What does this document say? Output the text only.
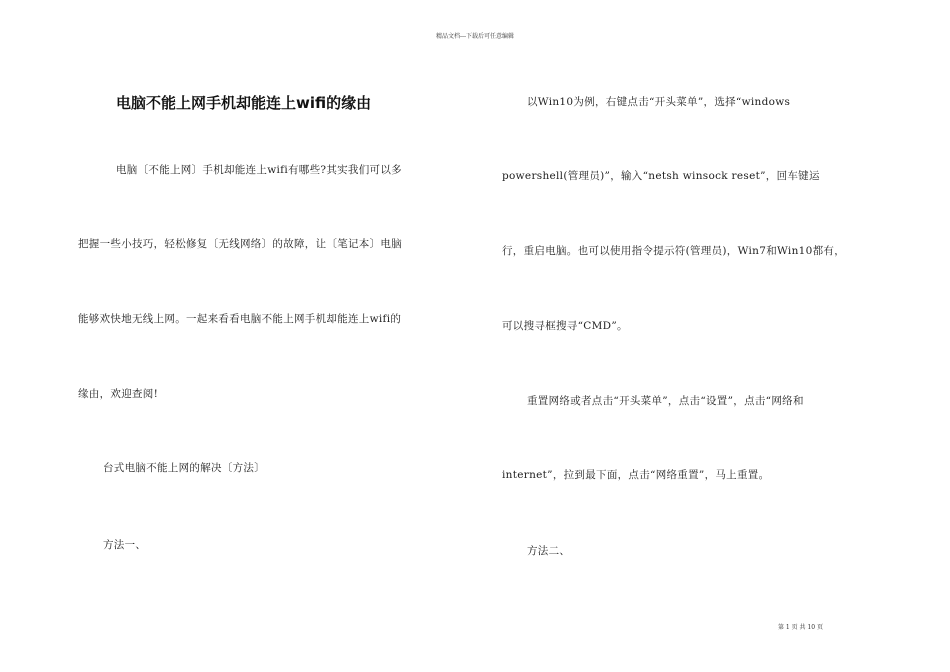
精品文档---下载后可任意编辑
电脑不能上网手机却能连上wifi的缘由
电脑〔不能上网〕手机却能连上wifi有哪些?其实我们可以多
把握一些小技巧，轻松修复〔无线网络〕的故障，让〔笔记本〕电脑
能够欢快地无线上网。一起来看看电脑不能上网手机却能连上wifi的
缘由，欢迎查阅!
台式电脑不能上网的解决〔方法〕
方法一、
以Win10为例，右键点击“开头菜单”，选择“windows
powershell(管理员)”，输入“netsh winsock reset”，回车键运
行，重启电脑。也可以使用指令提示符(管理员)，Win7和Win10都有，
可以搜寻框搜寻“CMD”。
重置网络或者点击“开头菜单”，点击“设置”，点击“网络和
internet”，拉到最下面，点击“网络重置”，马上重置。
方法二、
第 1 页 共 10 页
